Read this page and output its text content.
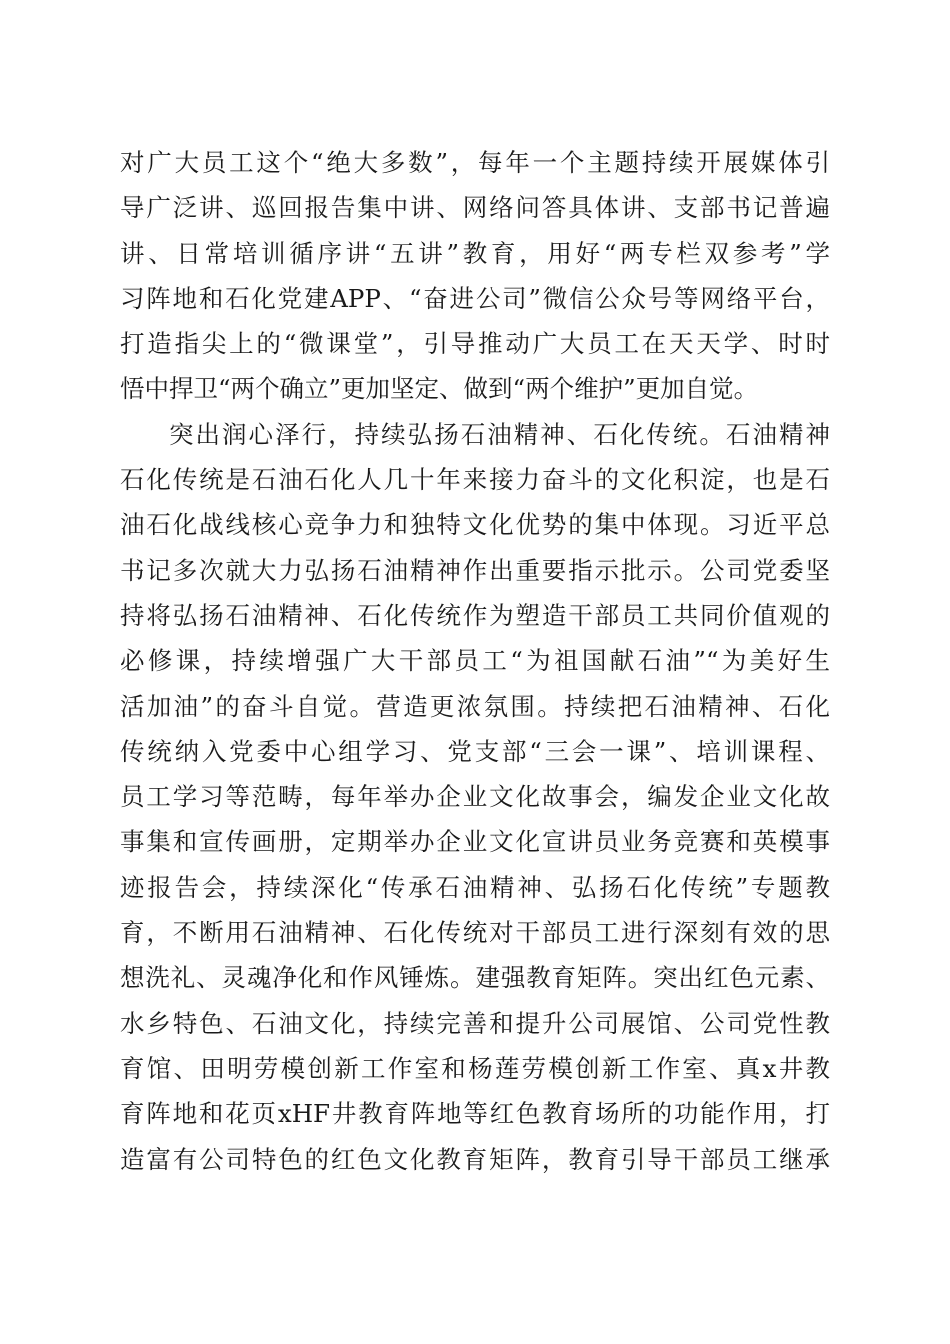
对广大员工这个“绝大多数”，每年一个主题持续开展媒体引
导广泛讲、巡回报告集中讲、网络问答具体讲、支部书记普遍
讲、日常培训循序讲“五讲”教育，用好“两专栏双参考”学
习阵地和石化党建APP、“奋进公司”微信公众号等网络平台，
打造指尖上的“微课堂”，引导推动广大员工在天天学、时时
悟中捍卫“两个确立”更加坚定、做到“两个维护”更加自觉。
突出润心泽行，持续弘扬石油精神、石化传统。石油精神
石化传统是石油石化人几十年来接力奋斗的文化积淀，也是石
油石化战线核心竞争力和独特文化优势的集中体现。习近平总
书记多次就大力弘扬石油精神作出重要指示批示。公司党委坚
持将弘扬石油精神、石化传统作为塑造干部员工共同价值观的
必修课，持续增强广大干部员工“为祖国献石油”“为美好生
活加油”的奋斗自觉。营造更浓氛围。持续把石油精神、石化
传统纳入党委中心组学习、党支部“三会一课”、培训课程、
员工学习等范畴，每年举办企业文化故事会，编发企业文化故
事集和宣传画册，定期举办企业文化宣讲员业务竞赛和英模事
迹报告会，持续深化“传承石油精神、弘扬石化传统”专题教
育，不断用石油精神、石化传统对干部员工进行深刻有效的思
想洗礼、灵魂净化和作风锤炼。建强教育矩阵。突出红色元素、
水乡特色、石油文化，持续完善和提升公司展馆、公司党性教
育馆、田明劳模创新工作室和杨莲劳模创新工作室、真x井教
育阵地和花页xHF井教育阵地等红色教育场所的功能作用，打
造富有公司特色的红色文化教育矩阵，教育引导干部员工继承
